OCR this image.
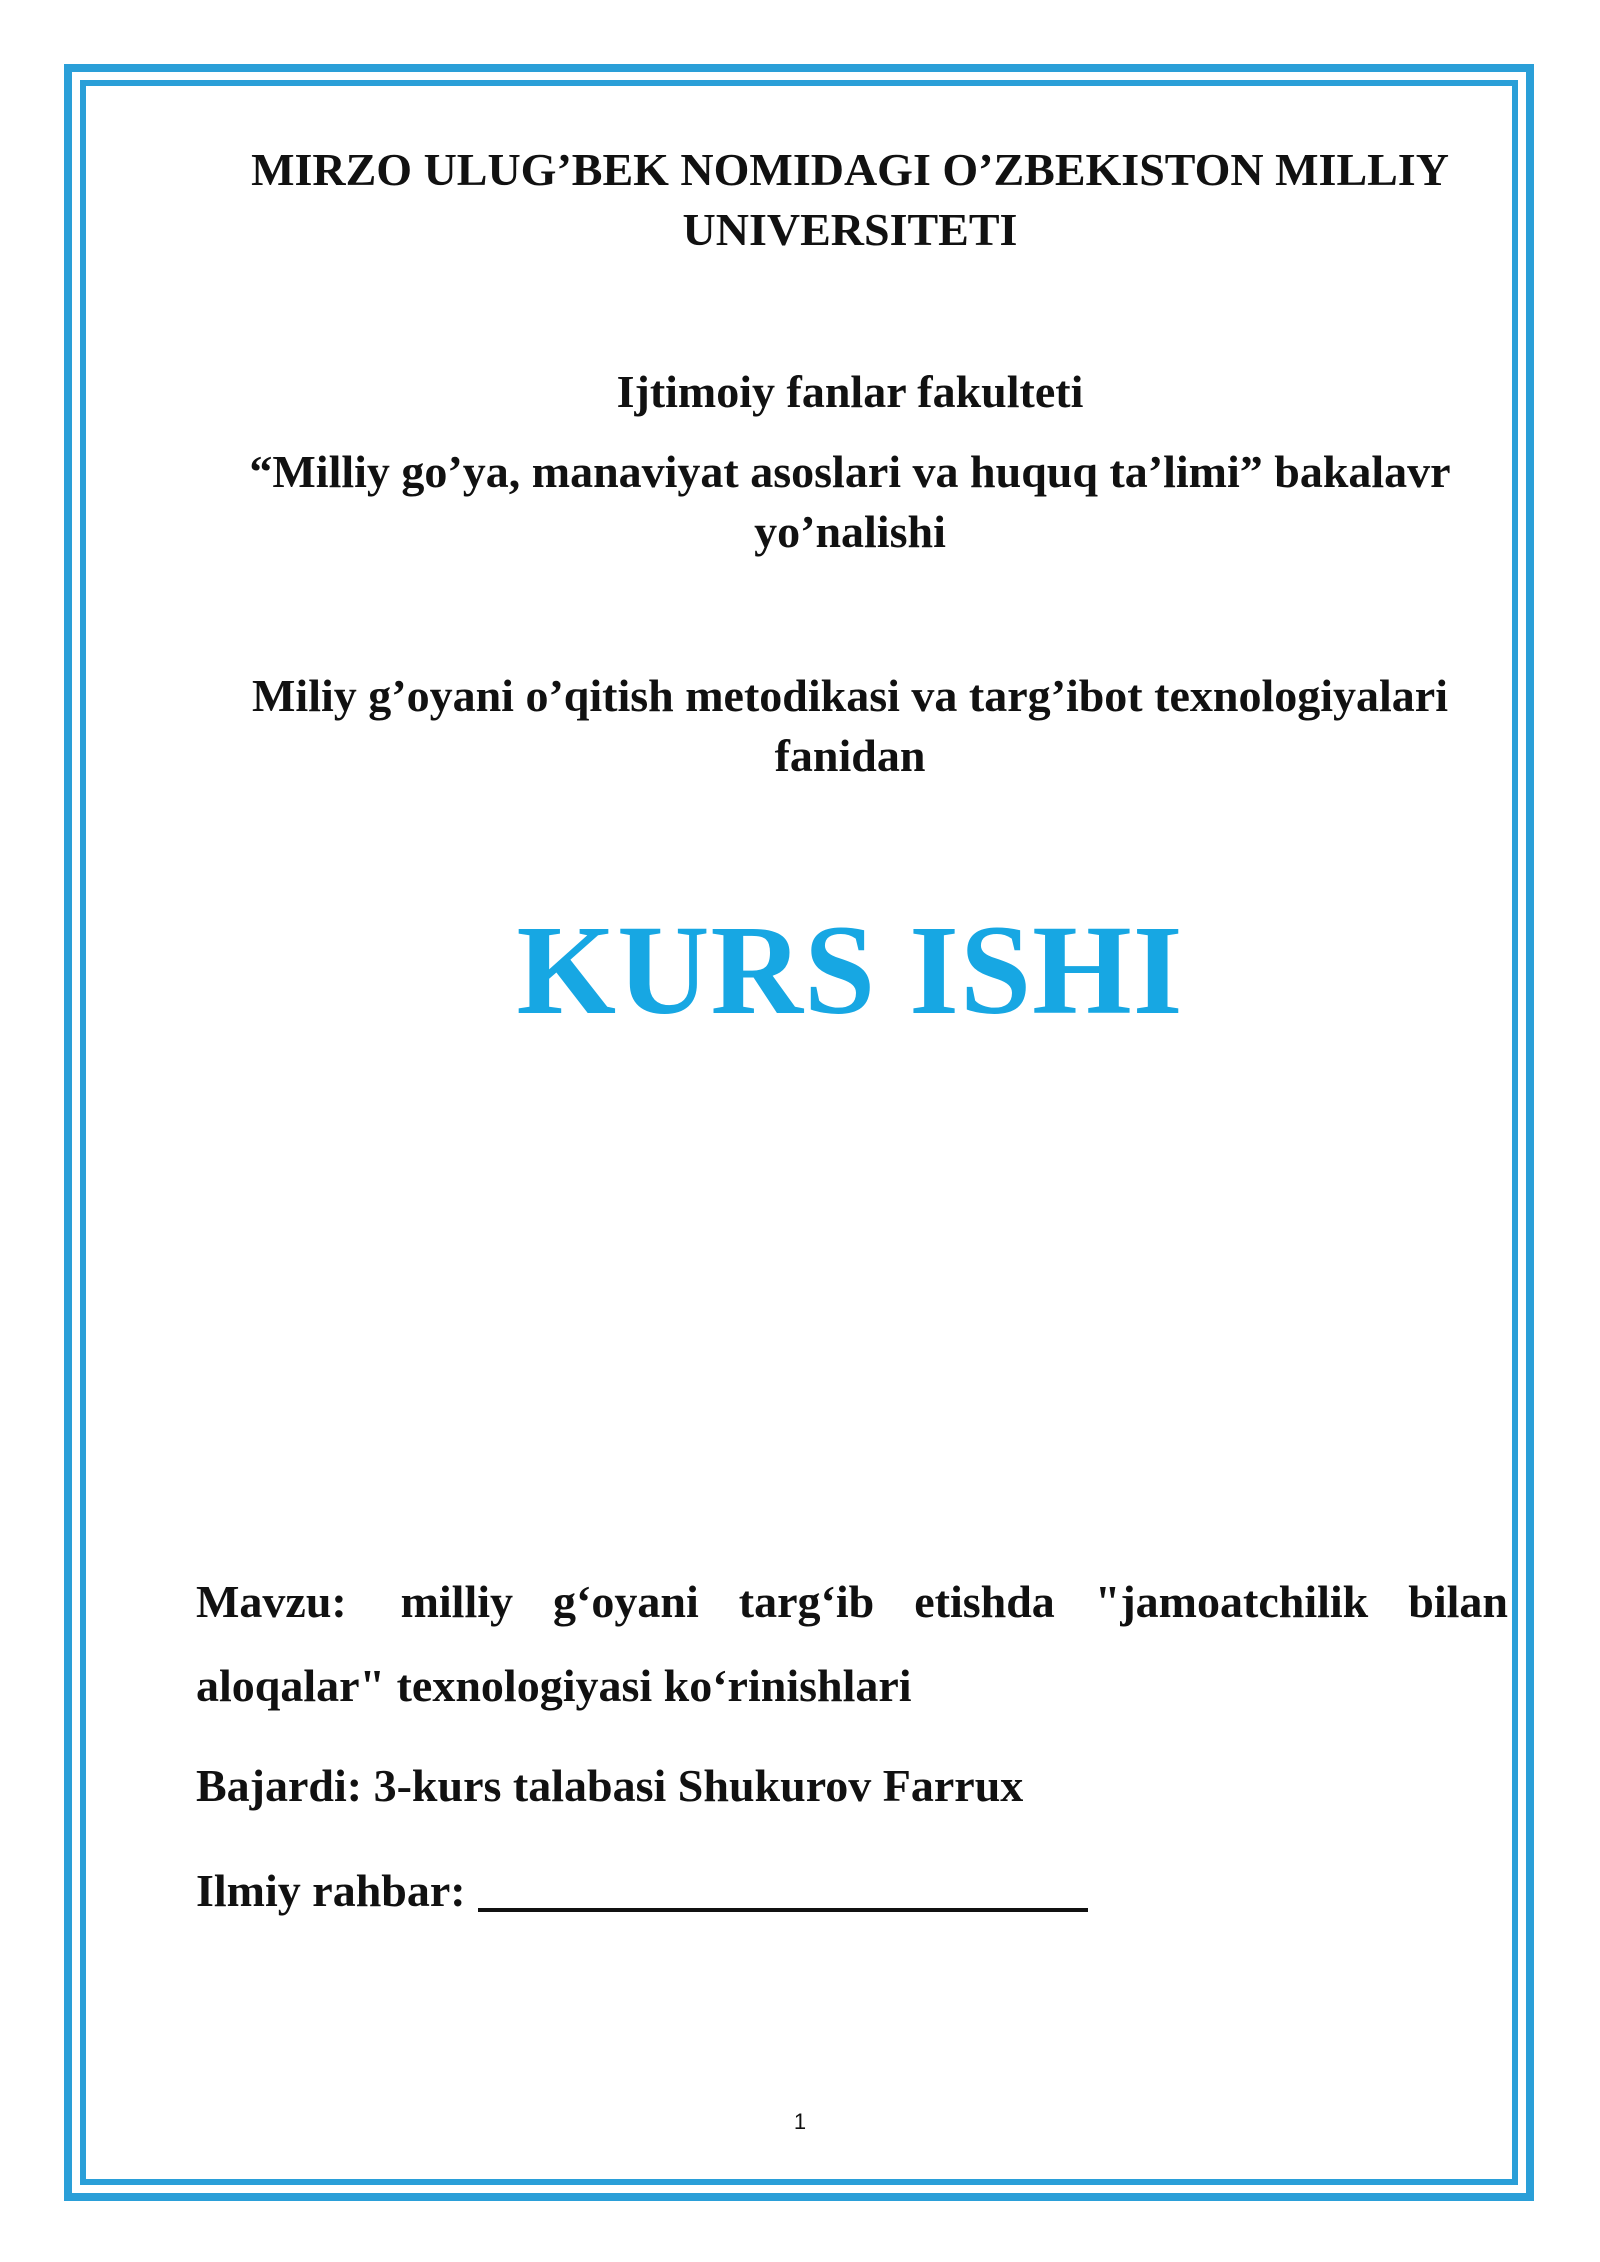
MIRZO ULUG’BEK NOMIDAGI O’ZBEKISTON MILLIY UNIVERSITETI
Ijtimoiy fanlar fakulteti
“Milliy go’ya, manaviyat asoslari va huquq ta’limi” bakalavr yo’nalishi
Miliy g’oyani o’qitish metodikasi va targ’ibot texnologiyalari fanidan
KURS ISHI
Mavzu: milliy g‘oyani targ‘ib etishda "jamoatchilik bilan aloqalar" texnologiyasi ko‘rinishlari
Bajardi: 3-kurs talabasi Shukurov Farrux
Ilmiy rahbar:
1
